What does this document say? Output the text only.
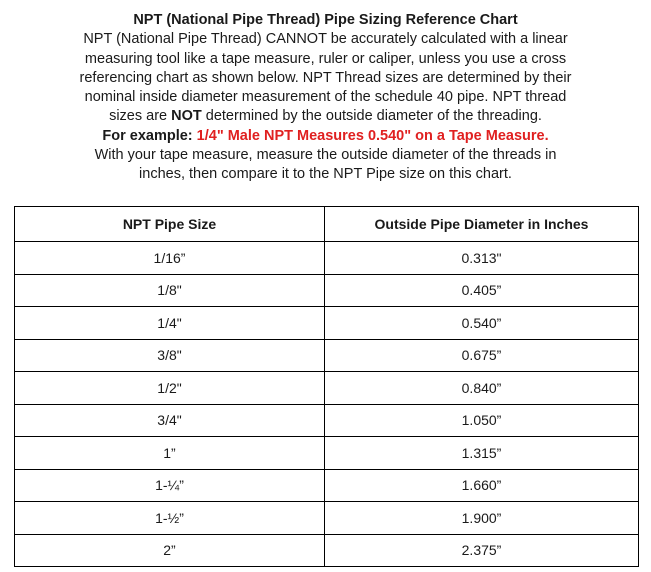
NPT (National Pipe Thread) Pipe Sizing Reference Chart

NPT (National Pipe Thread) CANNOT be accurately calculated with a linear

measuring tool like a tape measure, ruler or caliper, unless you use a cross

referencing chart as shown below. NPT Thread sizes are determined by their

nominal inside diameter measurement of the schedule 40 pipe. NPT thread

sizes are NOT determined by the outside diameter of the threading.

For example: 1/4" Male NPT Measures 0.540" on a Tape Measure.

With your tape measure, measure the outside diameter of the threads in

inches, then compare it to the NPT Pipe size on this chart.

NPT Pipe Size	Outside Pipe Diameter in Inches
1/16”	0.313"
1/8"	0.405”
1/4"	0.540”
3/8"	0.675”
1/2"	0.840”
3/4"	1.050”
1”	1.315”
1-¼”	1.660”
1-½”	1.900”
2”	2.375”
